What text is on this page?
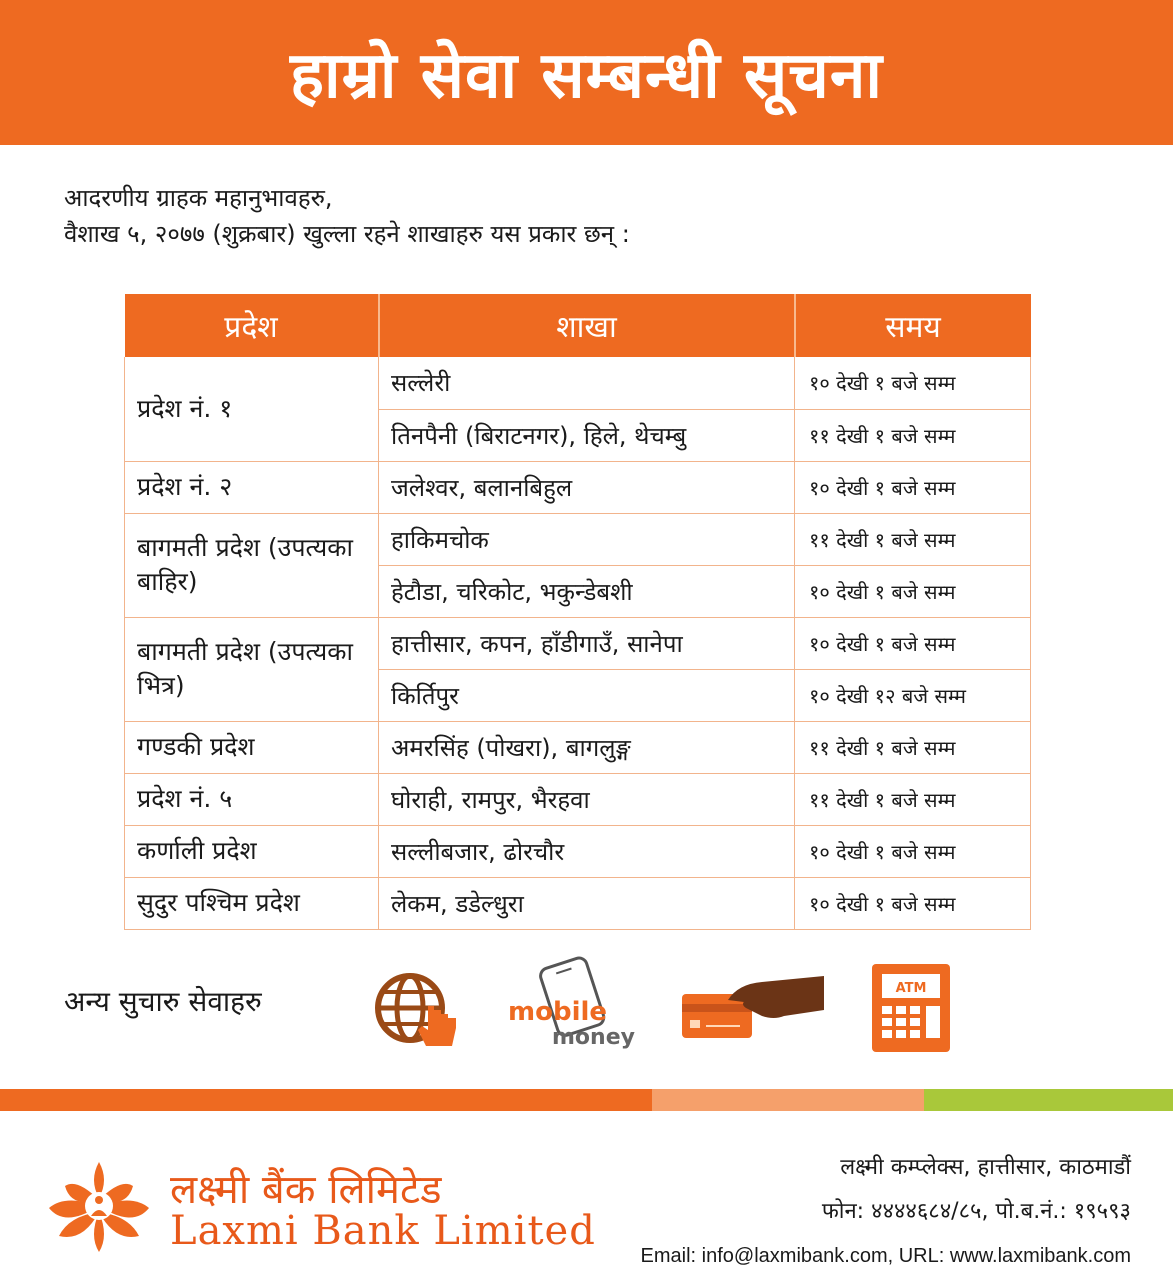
हाम्रो सेवा सम्बन्धी सूचना
आदरणीय ग्राहक महानुभावहरु,
वैशाख ५, २०७७ (शुक्रबार) खुल्ला रहने शाखाहरु यस प्रकार छन् :
प्रदेश	शाखा	समय
प्रदेश नं. १	सल्लेरी	१० देखी १ बजे सम्म
	तिनपैनी (बिराटनगर), हिले, थेचम्बु	११ देखी १ बजे सम्म
प्रदेश नं. २	जलेश्वर, बलानबिहुल	१० देखी १ बजे सम्म
बागमती प्रदेश (उपत्यका बाहिर)	हाकिमचोक	११ देखी १ बजे सम्म
	हेटौडा, चरिकोट, भकुन्डेबशी	१० देखी १ बजे सम्म
बागमती प्रदेश (उपत्यका भित्र)	हात्तीसार, कपन, हाँडीगाउँ, सानेपा	१० देखी १ बजे सम्म
	किर्तिपुर	१० देखी १२ बजे सम्म
गण्डकी प्रदेश	अमरसिंह (पोखरा), बागलुङ्ग	११ देखी १ बजे सम्म
प्रदेश नं. ५	घोराही, रामपुर, भैरहवा	११ देखी १ बजे सम्म
कर्णाली प्रदेश	सल्लीबजार, ढोरचौर	१० देखी १ बजे सम्म
सुदुर पश्चिम प्रदेश	लेकम, डडेल्धुरा	१० देखी १ बजे सम्म
अन्य सुचारु सेवाहरु	mobile
money
ATM
लक्ष्मी बैंक लिमिटेड
Laxmi Bank Limited
लक्ष्मी कम्प्लेक्स, हात्तीसार, काठमाडौं
फोन: ४४४४६८४/८५, पो.ब.नं.: १९५९३
Email: info@laxmibank.com, URL: www.laxmibank.com
